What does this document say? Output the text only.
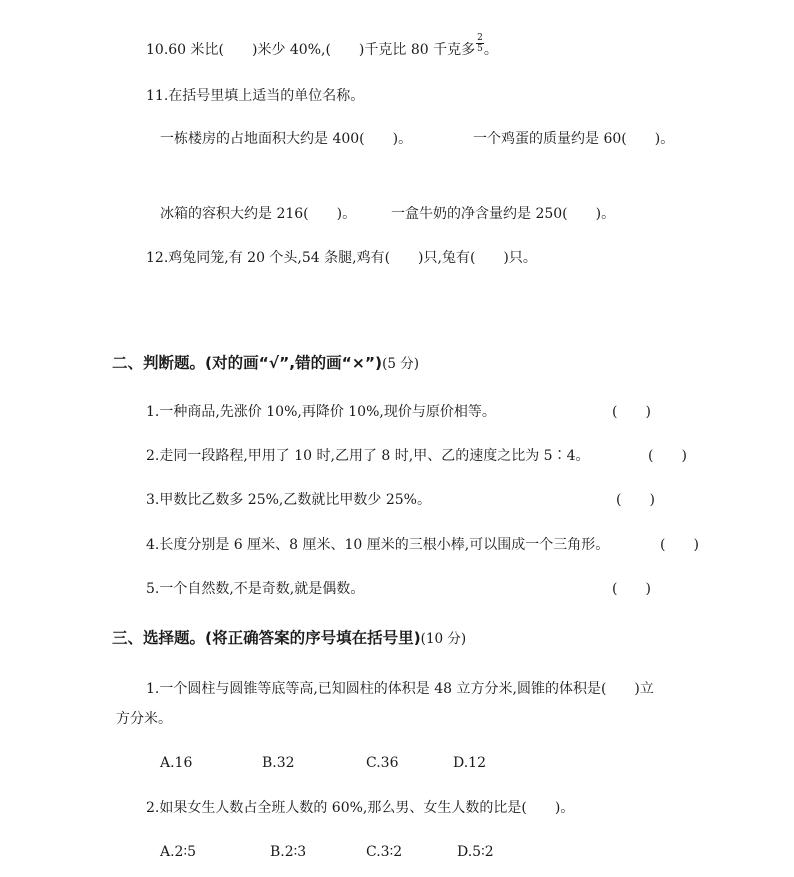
10.60 米比(　　)米少 40%,(　　)千克比 80 千克多 $\frac{2}{5}$ 。
11.在括号里填上适当的单位名称。
一栋楼房的占地面积大约是 400(　　)。	一个鸡蛋的质量约是 60(　　)。
冰箱的容积大约是 216(　　)。 一盒牛奶的净含量约是 250(　　)。
12.鸡兔同笼,有 20 个头,54 条腿,鸡有(　　)只,兔有(　　)只。
二、判断题。(对的画“√”,错的画“×”)(5 分)
1.一种商品,先涨价 10%,再降价 10%,现价与原价相等。	(　　)
2.走同一段路程,甲用了 10 时,乙用了 8 时,甲、乙的速度之比为 5∶4。	(　　)
3.甲数比乙数多 25%,乙数就比甲数少 25%。	(　　)
4.长度分别是 6 厘米、8 厘米、10 厘米的三根小棒,可以围成一个三角形。	(　　)
5.一个自然数,不是奇数,就是偶数。	(　　)
三、选择题。(将正确答案的序号填在括号里)(10 分)
1.一个圆柱与圆锥等底等高,已知圆柱的体积是 48 立方分米,圆锥的体积是(　　)立
方分米。
A.16	B.32	C.36	D.12
2.如果女生人数占全班人数的 60%,那么男、女生人数的比是(　　)。
A.2∶5	B.2∶3	C.3∶2	D.5∶2
